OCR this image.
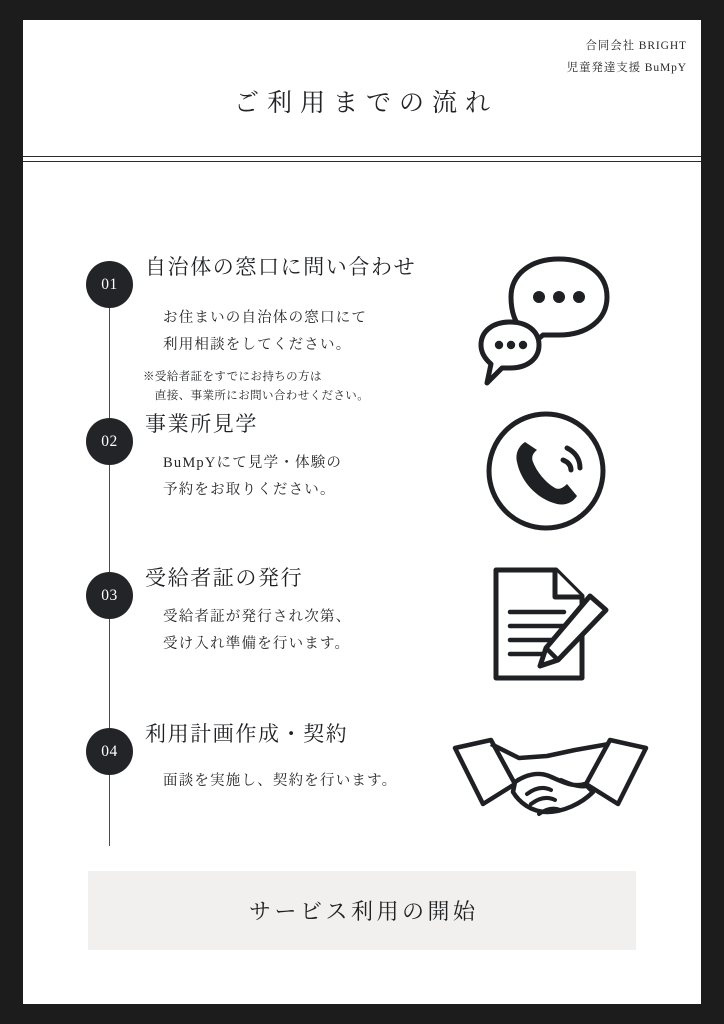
合同会社 BRIGHT
児童発達支援 BuMpY
ご利用までの流れ
01
自治体の窓口に問い合わせ
お住まいの自治体の窓口にて
利用相談をしてください。
※受給者証をすでにお持ちの方は
　直接、事業所にお問い合わせください。
02
事業所見学
BuMpYにて見学・体験の
予約をお取りください。
03
受給者証の発行
受給者証が発行され次第、
受け入れ準備を行います。
04
利用計画作成・契約
面談を実施し、契約を行います。
サービス利用の開始
